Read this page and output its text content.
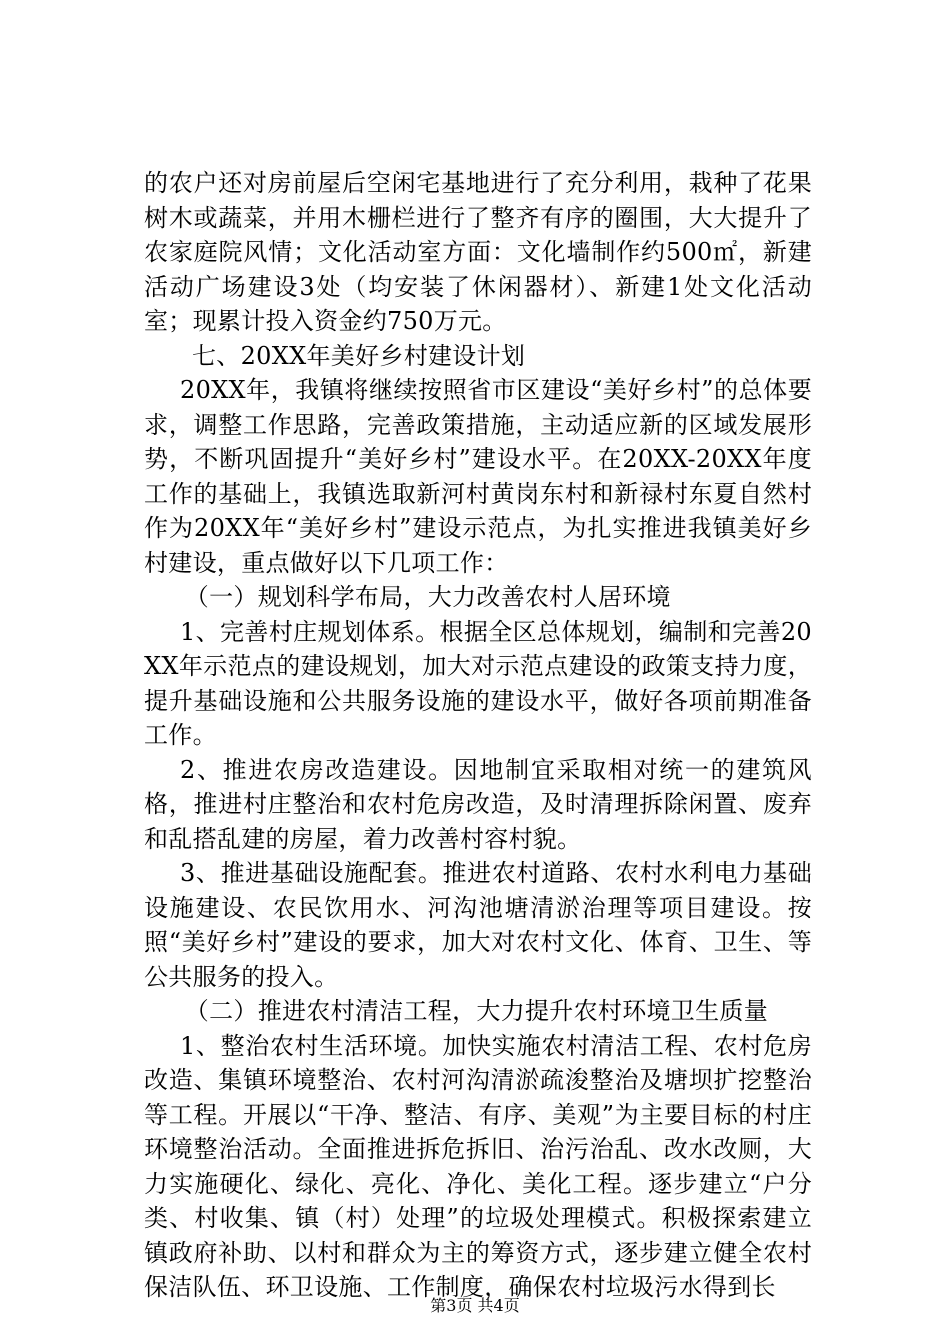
的农户还对房前屋后空闲宅基地进行了充分利用，栽种了花果树木或蔬菜，并用木栅栏进行了整齐有序的圈围，大大提升了农家庭院风情；文化活动室方面：文化墙制作约500㎡，新建活动广场建设3处（均安装了休闲器材）、新建1处文化活动室；现累计投入资金约750万元。

七、20XX年美好乡村建设计划

20XX年，我镇将继续按照省市区建设“美好乡村”的总体要求，调整工作思路，完善政策措施，主动适应新的区域发展形势，不断巩固提升“美好乡村”建设水平。在20XX-20XX年度工作的基础上，我镇选取新河村黄岗东村和新禄村东夏自然村作为20XX年“美好乡村”建设示范点，为扎实推进我镇美好乡村建设，重点做好以下几项工作：

（一）规划科学布局，大力改善农村人居环境

1、完善村庄规划体系。根据全区总体规划，编制和完善20XX年示范点的建设规划，加大对示范点建设的政策支持力度，提升基础设施和公共服务设施的建设水平，做好各项前期准备工作。

2、推进农房改造建设。因地制宜采取相对统一的建筑风格，推进村庄整治和农村危房改造，及时清理拆除闲置、废弃和乱搭乱建的房屋，着力改善村容村貌。

3、推进基础设施配套。推进农村道路、农村水利电力基础设施建设、农民饮用水、河沟池塘清淤治理等项目建设。按照“美好乡村”建设的要求，加大对农村文化、体育、卫生、等公共服务的投入。

（二）推进农村清洁工程，大力提升农村环境卫生质量

1、整治农村生活环境。加快实施农村清洁工程、农村危房改造、集镇环境整治、农村河沟清淤疏浚整治及塘坝扩挖整治等工程。开展以“干净、整洁、有序、美观”为主要目标的村庄环境整治活动。全面推进拆危拆旧、治污治乱、改水改厕，大力实施硬化、绿化、亮化、净化、美化工程。逐步建立“户分类、村收集、镇（村）处理”的垃圾处理模式。积极探索建立镇政府补助、以村和群众为主的筹资方式，逐步建立健全农村保洁队伍、环卫设施、工作制度，确保农村垃圾污水得到长

第3页 共4页
